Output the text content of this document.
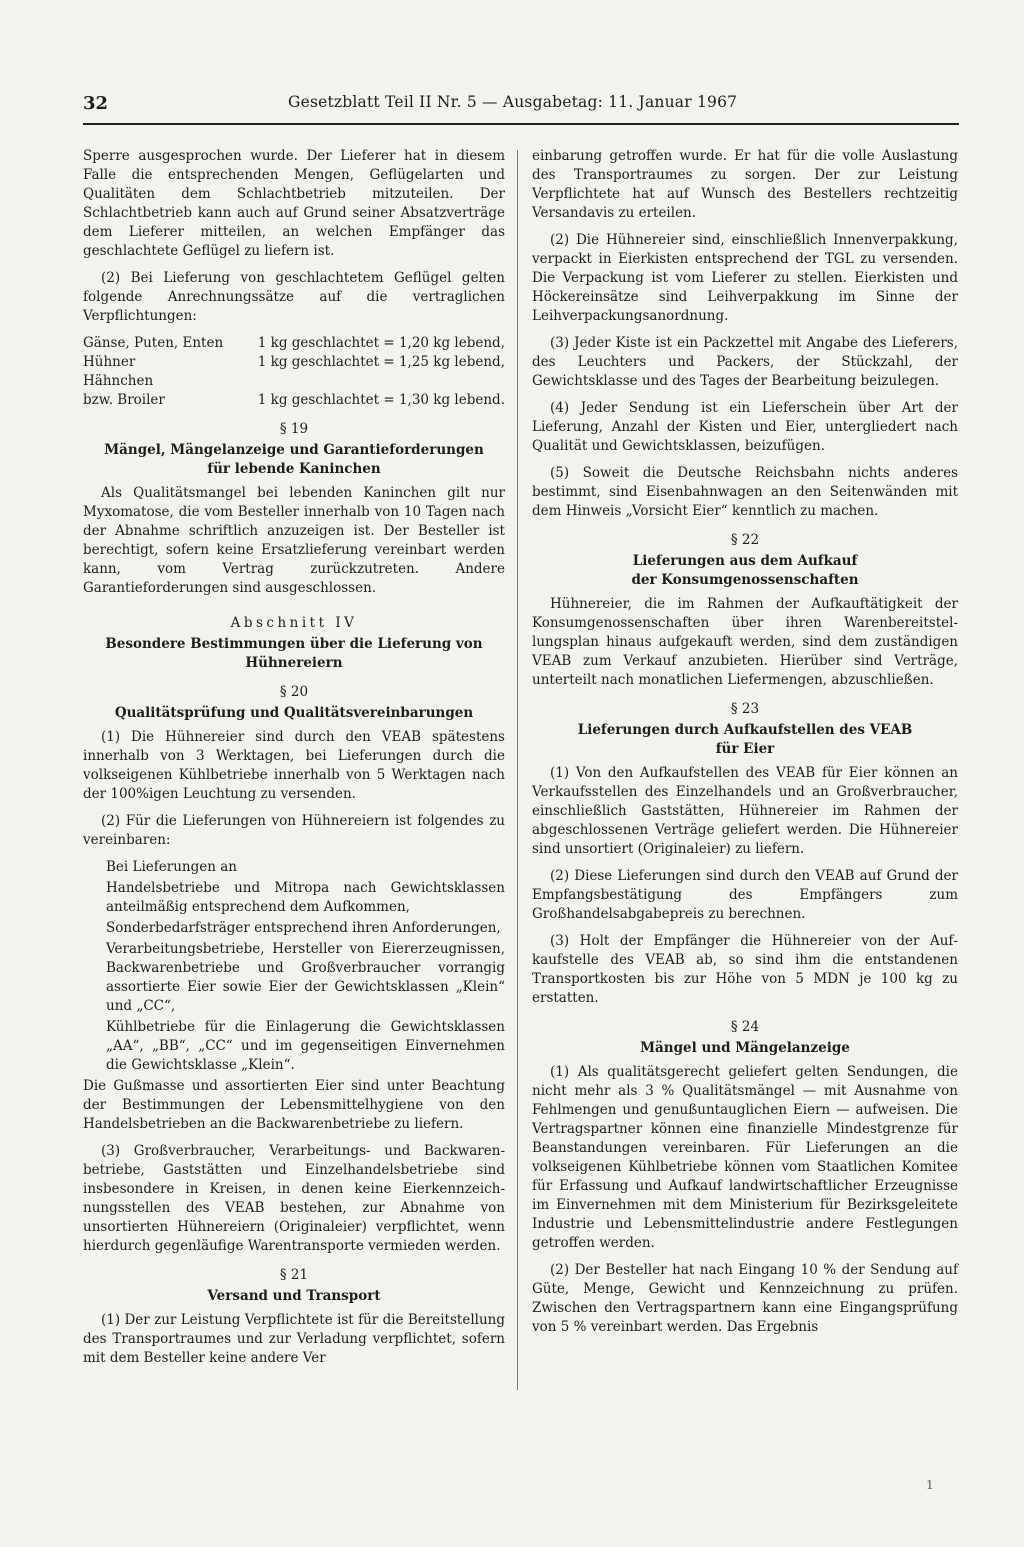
32	Gesetzblatt Teil II Nr. 5 — Ausgabetag: 11. Januar 1967

Sperre ausgesprochen wurde. Der Lieferer hat in diesem Falle die entsprechenden Mengen, Geflügelarten und Qualitäten dem Schlachtbetrieb mitzuteilen. Der Schlachtbetrieb kann auch auf Grund seiner Absatzverträge dem Lieferer mitteilen, an welchen Empfänger das geschlachtete Geflügel zu liefern ist.

(2) Bei Lieferung von geschlachtetem Geflügel gelten folgende Anrechnungssätze auf die vertraglichen Verpflichtungen:

Gänse, Puten, Enten	1 kg geschlachtet = 1,20 kg lebend,
Hühner	1 kg geschlachtet = 1,25 kg lebend,
Hähnchen	
bzw. Broiler	1 kg geschlachtet = 1,30 kg lebend.
§ 19
Mängel, Mängelanzeige und Garantieforderungen
für lebende Kaninchen

Als Qualitätsmangel bei lebenden Kaninchen gilt nur Myxomatose, die vom Besteller innerhalb von 10 Tagen nach der Abnahme schriftlich anzuzeigen ist. Der Besteller ist berechtigt, sofern keine Ersatzlieferung vereinbart werden kann, vom Vertrag zurückzutreten. Andere Garantieforderungen sind ausgeschlossen.

Abschnitt IV
Besondere Bestimmungen über die Lieferung von
Hühnereiern
§ 20
Qualitätsprüfung und Qualitätsvereinbarungen

(1) Die Hühnereier sind durch den VEAB spätestens innerhalb von 3 Werktagen, bei Lieferungen durch die volkseigenen Kühlbetriebe innerhalb von 5 Werktagen nach der 100%igen Leuchtung zu versenden.

(2) Für die Lieferungen von Hühnereiern ist folgendes zu vereinbaren:

Bei Lieferungen an

Handelsbetriebe und Mitropa nach Gewichtsklassen anteilmäßig entsprechend dem Aufkommen,

Sonderbedarfsträger entsprechend ihren Anforderungen,

Verarbeitungsbetriebe, Hersteller von Eiererzeugnissen, Backwarenbetriebe und Großverbraucher vorrangig assortierte Eier sowie Eier der Gewichtsklassen „Klein“ und „CC“,

Kühlbetriebe für die Einlagerung die Gewichtsklassen „AA“, „BB“, „CC“ und im gegenseitigen Einvernehmen die Gewichtsklasse „Klein“.

Die Gußmasse und assortierten Eier sind unter Beachtung der Bestimmungen der Lebensmittelhygiene von den Handelsbetrieben an die Backwarenbetriebe zu liefern.

(3) Großverbraucher, Verarbeitungs- und Backwarenbetriebe, Gaststätten und Einzelhandelsbetriebe sind insbesondere in Kreisen, in denen keine Eierkennzeichnungsstellen des VEAB bestehen, zur Abnahme von unsortierten Hühnereiern (Originaleier) verpflichtet, wenn hierdurch gegenläufige Warentransporte vermieden werden.

§ 21
Versand und Transport

(1) Der zur Leistung Verpflichtete ist für die Bereitstellung des Transportraumes und zur Verladung verpflichtet, sofern mit dem Besteller keine andere Ver

einbarung getroffen wurde. Er hat für die volle Auslastung des Transportraumes zu sorgen. Der zur Leistung Verpflichtete hat auf Wunsch des Bestellers rechtzeitig Versandavis zu erteilen.

(2) Die Hühnereier sind, einschließlich Innenverpakkung, verpackt in Eierkisten entsprechend der TGL zu versenden. Die Verpackung ist vom Lieferer zu stellen. Eierkisten und Höckereinsätze sind Leihverpakkung im Sinne der Leihverpackungsanordnung.

(3) Jeder Kiste ist ein Packzettel mit Angabe des Lieferers, des Leuchters und Packers, der Stückzahl, der Gewichtsklasse und des Tages der Bearbeitung beizulegen.

(4) Jeder Sendung ist ein Lieferschein über Art der Lieferung, Anzahl der Kisten und Eier, untergliedert nach Qualität und Gewichtsklassen, beizufügen.

(5) Soweit die Deutsche Reichsbahn nichts anderes bestimmt, sind Eisenbahnwagen an den Seitenwänden mit dem Hinweis „Vorsicht Eier“ kenntlich zu machen.

§ 22
Lieferungen aus dem Aufkauf
der Konsumgenossenschaften

Hühnereier, die im Rahmen der Aufkauftätigkeit der Konsumgenossenschaften über ihren Warenbereitstellungsplan hinaus aufgekauft werden, sind dem zuständigen VEAB zum Verkauf anzubieten. Hierüber sind Verträge, unterteilt nach monatlichen Liefermengen, abzuschließen.

§ 23
Lieferungen durch Aufkaufstellen des VEAB
für Eier

(1) Von den Aufkaufstellen des VEAB für Eier können an Verkaufsstellen des Einzelhandels und an Großverbraucher, einschließlich Gaststätten, Hühnereier im Rahmen der abgeschlossenen Verträge geliefert werden. Die Hühnereier sind unsortiert (Originaleier) zu liefern.

(2) Diese Lieferungen sind durch den VEAB auf Grund der Empfangsbestätigung des Empfängers zum Großhandelsabgabepreis zu berechnen.

(3) Holt der Empfänger die Hühnereier von der Aufkaufstelle des VEAB ab, so sind ihm die entstandenen Transportkosten bis zur Höhe von 5 MDN je 100 kg zu erstatten.

§ 24
Mängel und Mängelanzeige

(1) Als qualitätsgerecht geliefert gelten Sendungen, die nicht mehr als 3 % Qualitätsmängel — mit Ausnahme von Fehlmengen und genußuntauglichen Eiern — aufweisen. Die Vertragspartner können eine finanzielle Mindestgrenze für Beanstandungen vereinbaren. Für Lieferungen an die volkseigenen Kühlbetriebe können vom Staatlichen Komitee für Erfassung und Aufkauf landwirtschaftlicher Erzeugnisse im Einvernehmen mit dem Ministerium für Bezirksgeleitete Industrie und Lebensmittelindustrie andere Festlegungen getroffen werden.

(2) Der Besteller hat nach Eingang 10 % der Sendung auf Güte, Menge, Gewicht und Kennzeichnung zu prüfen. Zwischen den Vertragspartnern kann eine Eingangsprüfung von 5 % vereinbart werden. Das Ergebnis

1
